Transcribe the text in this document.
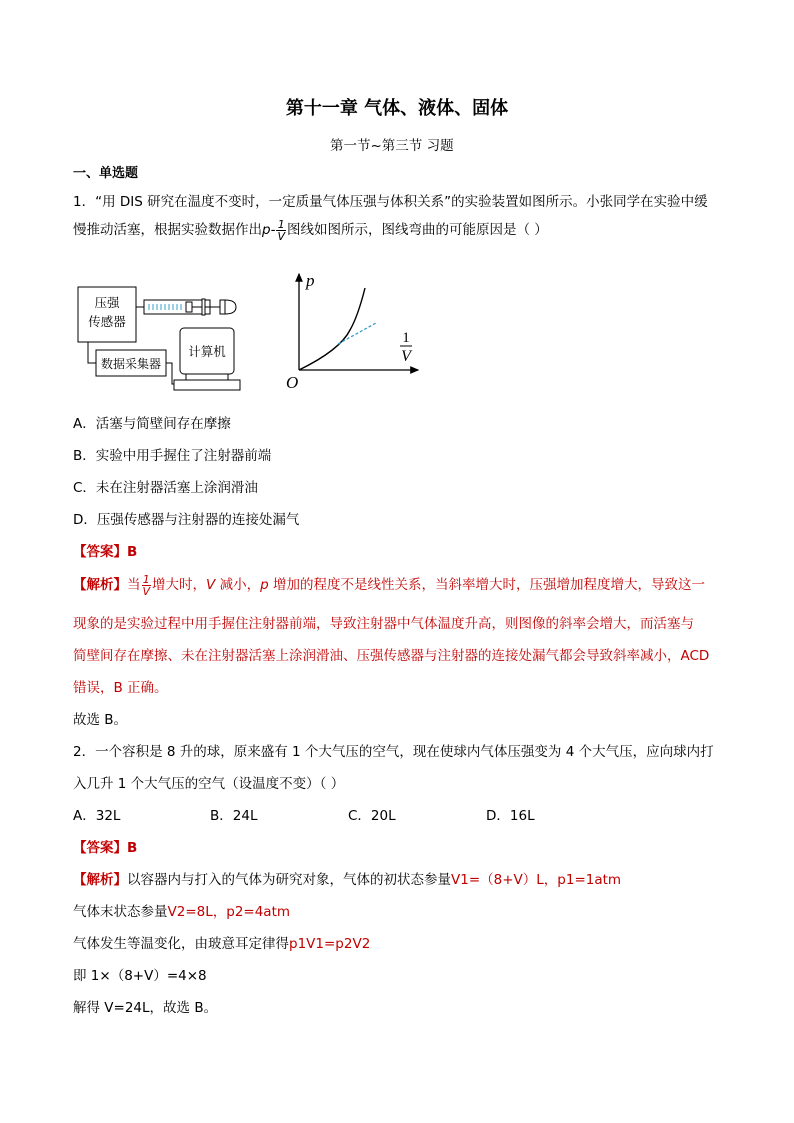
第十一章 气体、液体、固体
第一节~第三节 习题
一、单选题
1．“用 DIS 研究在温度不变时，一定质量气体压强与体积关系”的实验装置如图所示。小张同学在实验中缓
慢推动活塞，根据实验数据作出$p- \frac{1}{V}$ 图线如图所示，图线弯曲的可能原因是（ ）
压强
传感器
数据采集器
计算机
p
1
V
O
A．活塞与简壁间存在摩擦
B．实验中用手握住了注射器前端
C．未在注射器活塞上涂润滑油
D．压强传感器与注射器的连接处漏气
【答案】B
【解析】当 $\frac{1}{V}$ 增大时，V 减小，p 增加的程度不是线性关系，当斜率增大时，压强增加程度增大，导致这一
现象的是实验过程中用手握住注射器前端，导致注射器中气体温度升高，则图像的斜率会增大，而活塞与
简壁间存在摩擦、未在注射器活塞上涂润滑油、压强传感器与注射器的连接处漏气都会导致斜率减小，ACD
错误，B 正确。
故选 B。
2．一个容积是 8 升的球，原来盛有 1 个大气压的空气，现在使球内气体压强变为 4 个大气压，应向球内打
入几升 1 个大气压的空气（设温度不变）（ ）
A．32L	B．24L	C．20L	D．16L
【答案】B
【解析】以容器内与打入的气体为研究对象，气体的初状态参量V1=（8+V）L，p1=1atm
气体末状态参量V2=8L，p2=4atm
气体发生等温变化，由玻意耳定律得p1V1=p2V2
即 1×（8+V）=4×8
解得 V=24L，故选 B。
